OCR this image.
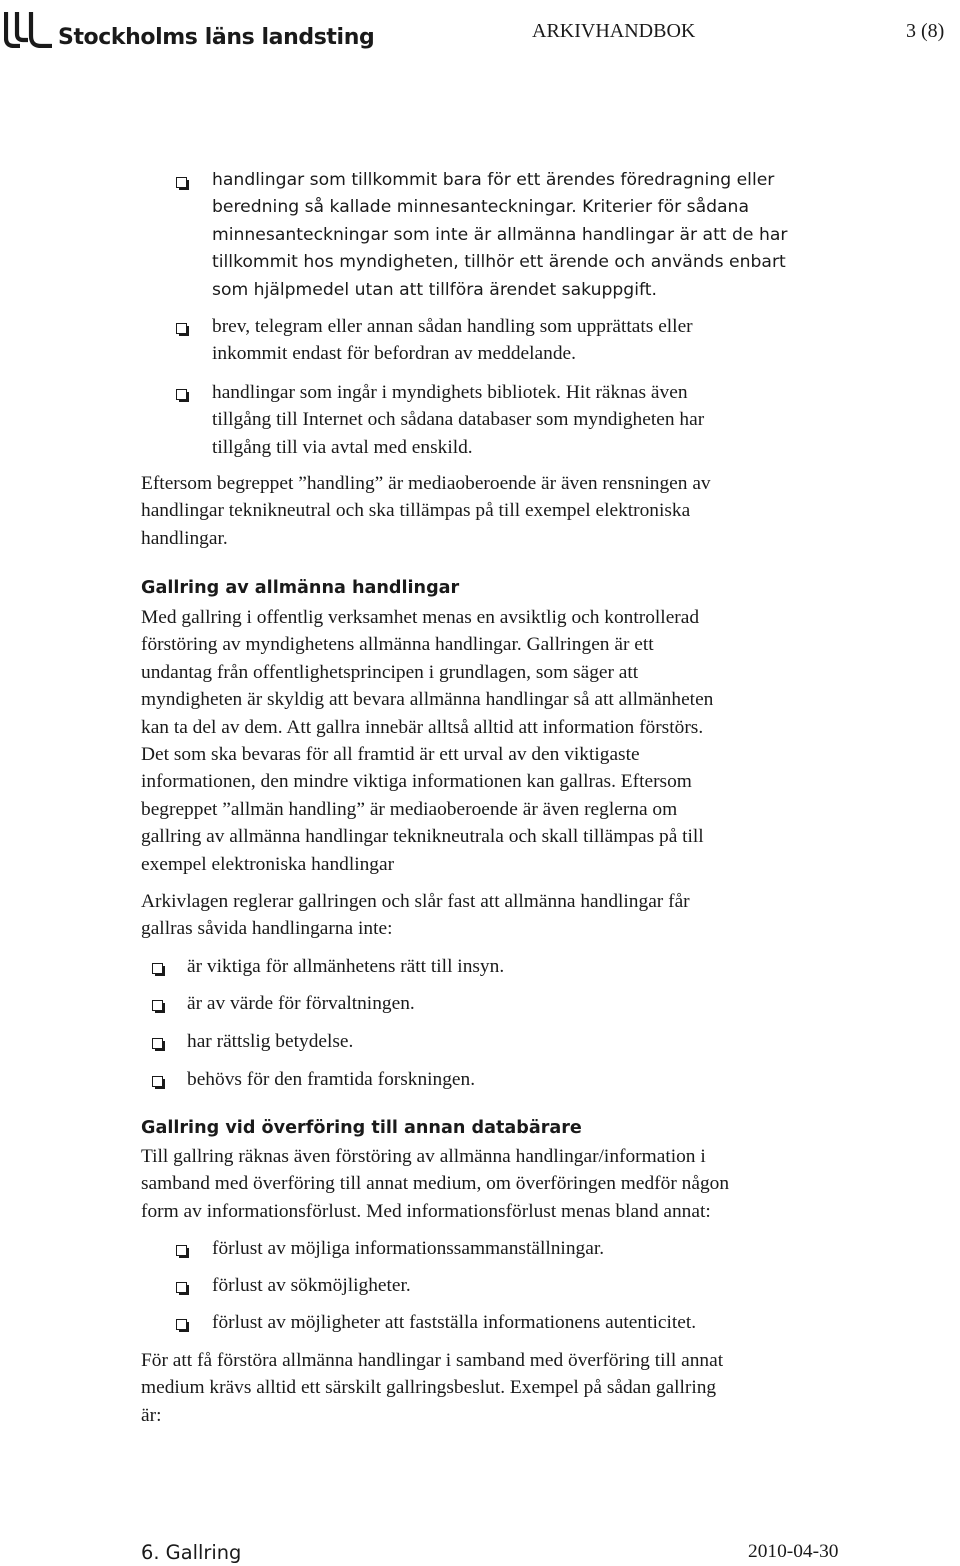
Stockholms läns landsting	ARKIVHANDBOK	3 (8)
handlingar som tillkommit bara för ett ärendes föredragning eller
beredning så kallade minnesanteckningar. Kriterier för sådana
minnesanteckningar som inte är allmänna handlingar är att de har
tillkommit hos myndigheten, tillhör ett ärende och används enbart
som hjälpmedel utan att tillföra ärendet sakuppgift.
brev, telegram eller annan sådan handling som upprättats eller
inkommit endast för befordran av meddelande.
handlingar som ingår i myndighets bibliotek. Hit räknas även
tillgång till Internet och sådana databaser som myndigheten har
tillgång till via avtal med enskild.
Eftersom begreppet ”handling” är mediaoberoende är även rensningen av
handlingar teknikneutral och ska tillämpas på till exempel elektroniska
handlingar.
Gallring av allmänna handlingar
Med gallring i offentlig verksamhet menas en avsiktlig och kontrollerad
förstöring av myndighetens allmänna handlingar. Gallringen är ett
undantag från offentlighetsprincipen i grundlagen, som säger att
myndigheten är skyldig att bevara allmänna handlingar så att allmänheten
kan ta del av dem. Att gallra innebär alltså alltid att information förstörs.
Det som ska bevaras för all framtid är ett urval av den viktigaste
informationen, den mindre viktiga informationen kan gallras. Eftersom
begreppet ”allmän handling” är mediaoberoende är även reglerna om
gallring av allmänna handlingar teknikneutrala och skall tillämpas på till
exempel elektroniska handlingar
Arkivlagen reglerar gallringen och slår fast att allmänna handlingar får
gallras såvida handlingarna inte:
är viktiga för allmänhetens rätt till insyn.
är av värde för förvaltningen.
har rättslig betydelse.
behövs för den framtida forskningen.
Gallring vid överföring till annan databärare
Till gallring räknas även förstöring av allmänna handlingar/information i
samband med överföring till annat medium, om överföringen medför någon
form av informationsförlust. Med informationsförlust menas bland annat:
förlust av möjliga informationssammanställningar.
förlust av sökmöjligheter.
förlust av möjligheter att fastställa informationens autenticitet.
För att få förstöra allmänna handlingar i samband med överföring till annat
medium krävs alltid ett särskilt gallringsbeslut. Exempel på sådan gallring
är:
6. Gallring	2010-04-30
